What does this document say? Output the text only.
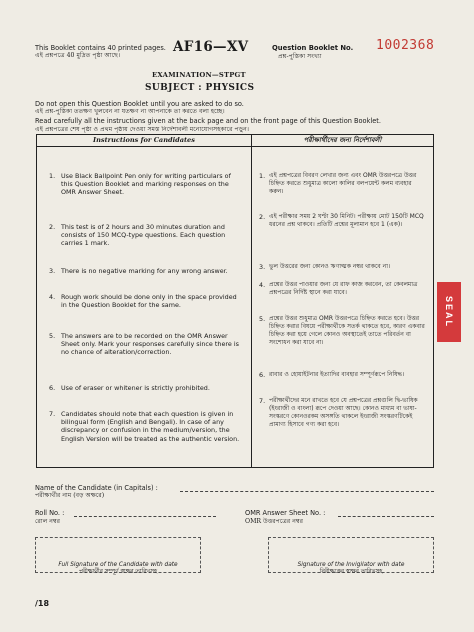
This Booklet contains 40 printed pages.
এই প্রশ্নপত্রে 40 মুদ্রিত পৃষ্ঠা আছে।
AF16—XV	Question Booklet No.
প্রশ্ন-পুস্তিকা সংখ্যা
1002368
EXAMINATION—STPGT
SUBJECT : PHYSICS
Do not open this Question Booklet until you are asked to do so.
এই প্রশ্ন-পুস্তিকা ততক্ষণ খুলবেন না যতক্ষণ না আপনাকে তা করতে বলা হচ্ছে।
Read carefully all the instructions given at the back page and on the front page of this Question Booklet.
এই প্রশ্নপত্রের শেষ পৃষ্ঠা ও প্রথম পৃষ্ঠায় দেওয়া সমস্ত নির্দেশাবলী মনোযোগসহকারে পড়ুন।
Instructions for Candidates	পরীক্ষার্থীদের জন্য নির্দেশাবলী
1. Use Black Ballpoint Pen only for writing particulars of this Question Booklet and marking responses on the OMR Answer Sheet.
2. This test is of 2 hours and 30 minutes duration and consists of 150 MCQ-type questions. Each question carries 1 mark.
3. There is no negative marking for any wrong answer.
4. Rough work should be done only in the space provided in the Question Booklet for the same.
5. The answers are to be recorded on the OMR Answer Sheet only. Mark your responses carefully since there is no chance of alteration/correction.
6. Use of eraser or whitener is strictly prohibited.
7. Candidates should note that each question is given in bilingual form (English and Bengali). In case of any discrepancy or confusion in the medium/version, the English Version will be treated as the authentic version.
1. এই প্রশ্নপত্রের বিবরণ লেখার জন্য এবং OMR উত্তরপত্রে উত্তর চিহ্নিত করতে শুধুমাত্র কালো কালির বলপয়েন্ট কলম ব্যবহার করুন।
2. এই পরীক্ষার সময় 2 ঘণ্টা 30 মিনিট। পরীক্ষায় মোট 150টি MCQ ধরনের প্রশ্ন থাকবে। প্রতিটি প্রশ্নের মূল্যমান হবে 1 (এক)।
3. ভুল উত্তরের জন্য কোনও ঋণাত্মক নম্বর থাকবে না।
4. প্রশ্নের উত্তর পাওয়ার জন্য যে রাফ কাজ করবেন, তা কেবলমাত্র প্রশ্নপত্রের নির্দিষ্ট স্থানে করা যাবে।
5. প্রশ্নের উত্তর শুধুমাত্র OMR উত্তরপত্রে চিহ্নিত করতে হবে। উত্তর চিহ্নিত করার বিষয়ে পরীক্ষার্থীকে সতর্ক থাকতে হবে, কারণ একবার চিহ্নিত করা হয়ে গেলে কোনও অবস্থাতেই তাতে পরিবর্তন বা সংশোধন করা যাবে না।
6. রাবার ও হোয়াইটনার ইত্যাদির ব্যবহার সম্পূর্ণরূপে নিষিদ্ধ।
7. পরীক্ষার্থীদের মনে রাখতে হবে যে প্রশ্নপত্রের প্রশ্নগুলি দ্বি-ভাষিক (ইংরাজী ও বাংলা) রূপে দেওয়া আছে। কোনও মাধ্যম বা ভাষা-সংস্করণে কোনওরকম অসঙ্গতি থাকলে ইংরাজী সংস্করণটিকেই প্রামাণ্য হিসাবে গণ্য করা হবে।
SEAL
Name of the Candidate (in Capitals) :
পরীক্ষার্থীর নাম (বড় অক্ষরে)
Roll No. :
রোল নম্বর
OMR Answer Sheet No. :
OMR উত্তরপত্রের নম্বর
Full Signature of the Candidate with date
পরীক্ষার্থীর সম্পূর্ণ স্বাক্ষর তারিখসহ
Signature of the Invigilator with date
নিরীক্ষকের স্বাক্ষর তারিখসহ
/18
